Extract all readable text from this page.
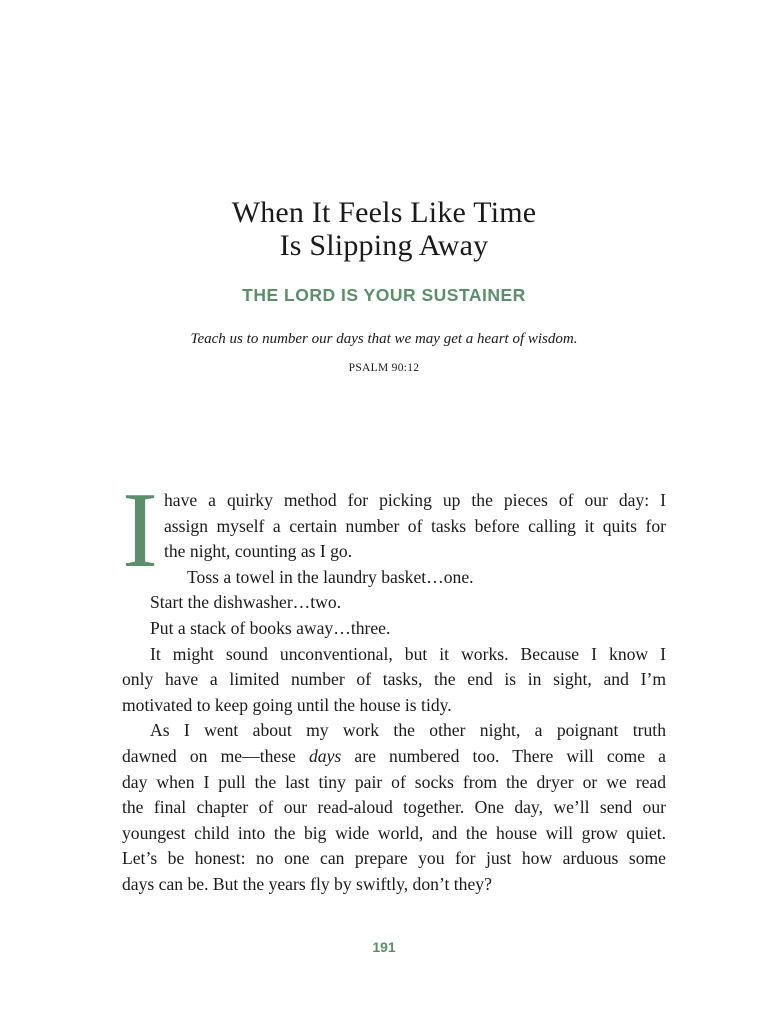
When It Feels Like Time
Is Slipping Away
THE LORD IS YOUR SUSTAINER

Teach us to number our days that we may get a heart of wisdom.

PSALM 90:12

I have a quirky method for picking up the pieces of our day: I
assign myself a certain number of tasks before calling it quits for
the night, counting as I go.

Toss a towel in the laundry basket…one.

Start the dishwasher…two.

Put a stack of books away…three.

It might sound unconventional, but it works. Because I know I
only have a limited number of tasks, the end is in sight, and I’m
motivated to keep going until the house is tidy.
As I went about my work the other night, a poignant truth
dawned on me—these days are numbered too. There will come a
day when I pull the last tiny pair of socks from the dryer or we read
the final chapter of our read-aloud together. One day, we’ll send our
youngest child into the big wide world, and the house will grow quiet.
Let’s be honest: no one can prepare you for just how arduous some
days can be. But the years fly by swiftly, don’t they?

191
